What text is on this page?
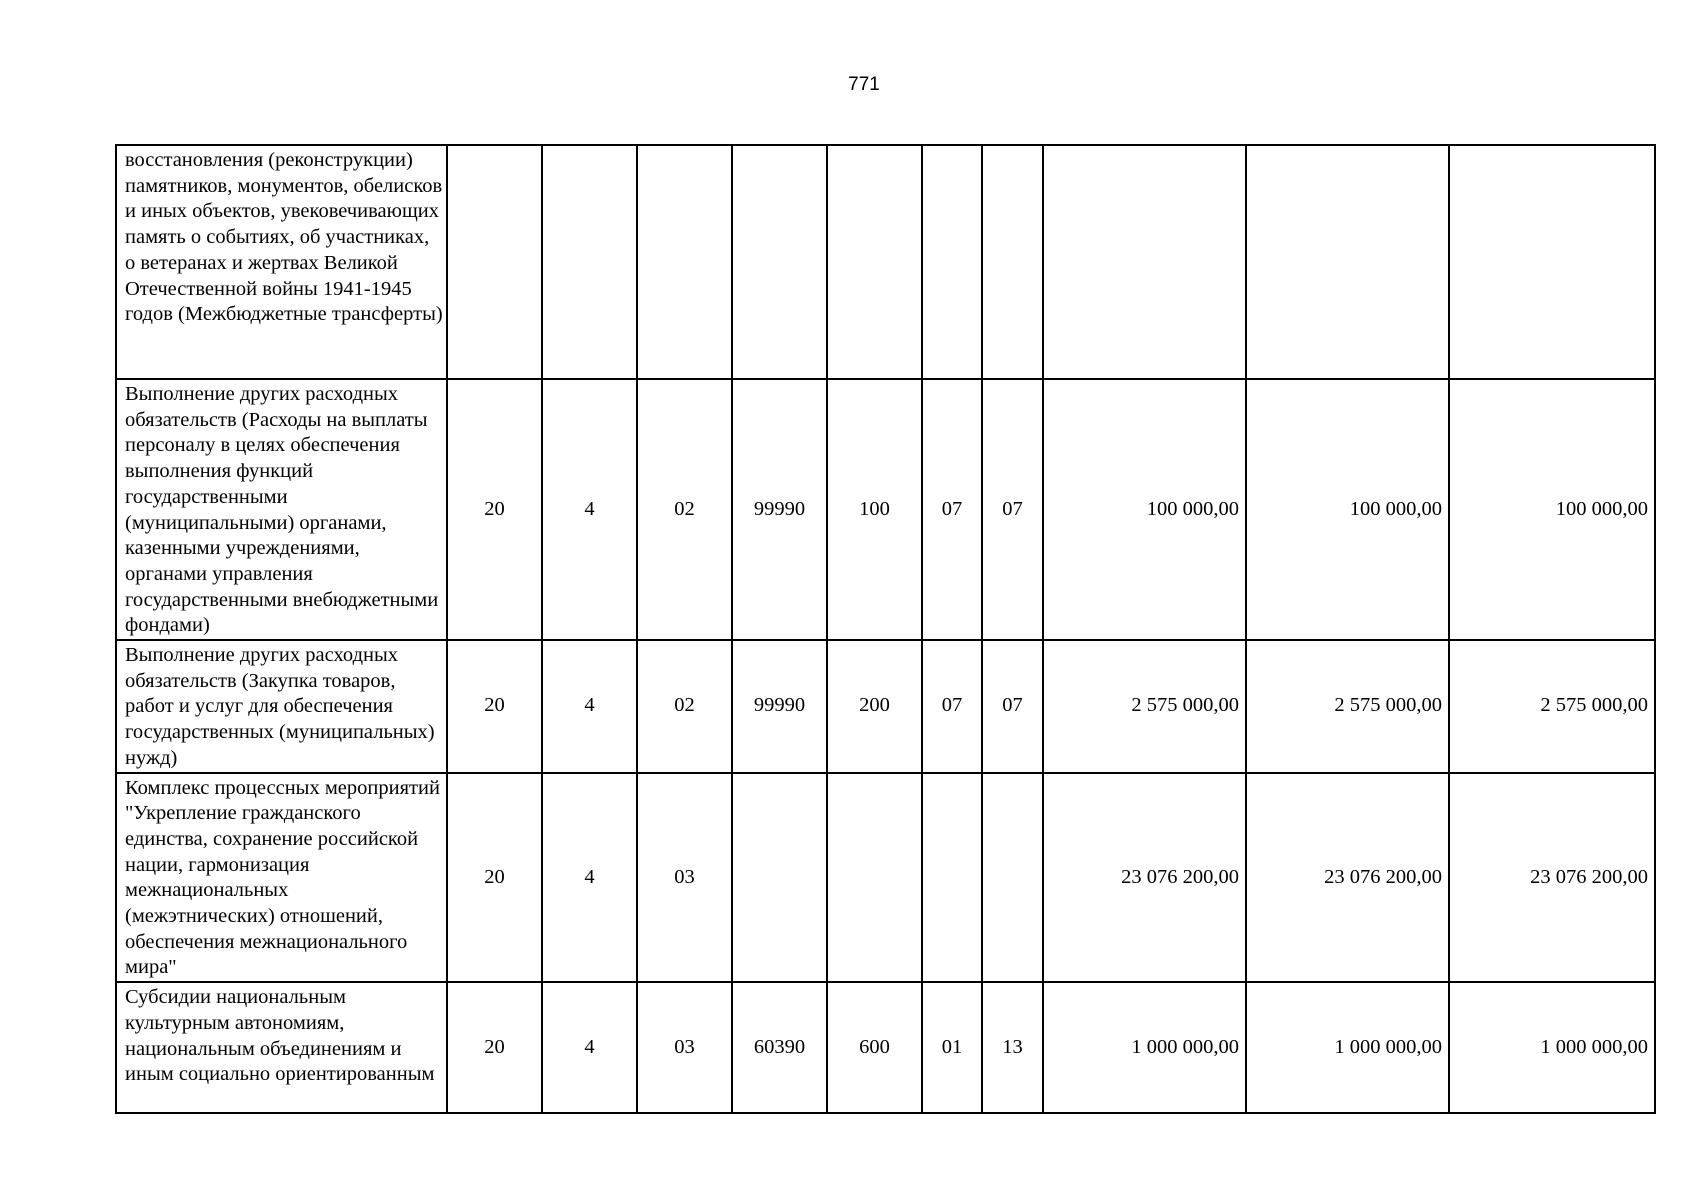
771
восстановления (реконструкции) памятников, монументов, обелисков и иных объектов, увековечивающих память о событиях, об участниках, о ветеранах и жертвах Великой Отечественной войны 1941-1945 годов (Межбюджетные трансферты)										
Выполнение других расходных обязательств (Расходы на выплаты персоналу в целях обеспечения выполнения функций государственными (муниципальными) органами, казенными учреждениями, органами управления государственными внебюджетными фондами)	20	4	02	99990	100	07	07	100 000,00	100 000,00	100 000,00
Выполнение других расходных обязательств (Закупка товаров, работ и услуг для обеспечения государственных (муниципальных) нужд)	20	4	02	99990	200	07	07	2 575 000,00	2 575 000,00	2 575 000,00
Комплекс процессных мероприятий "Укрепление гражданского единства, сохранение российской нации, гармонизация межнациональных (межэтнических) отношений, обеспечения межнационального мира"	20	4	03					23 076 200,00	23 076 200,00	23 076 200,00
Субсидии национальным культурным автономиям, национальным объединениям и иным социально ориентированным	20	4	03	60390	600	01	13	1 000 000,00	1 000 000,00	1 000 000,00
